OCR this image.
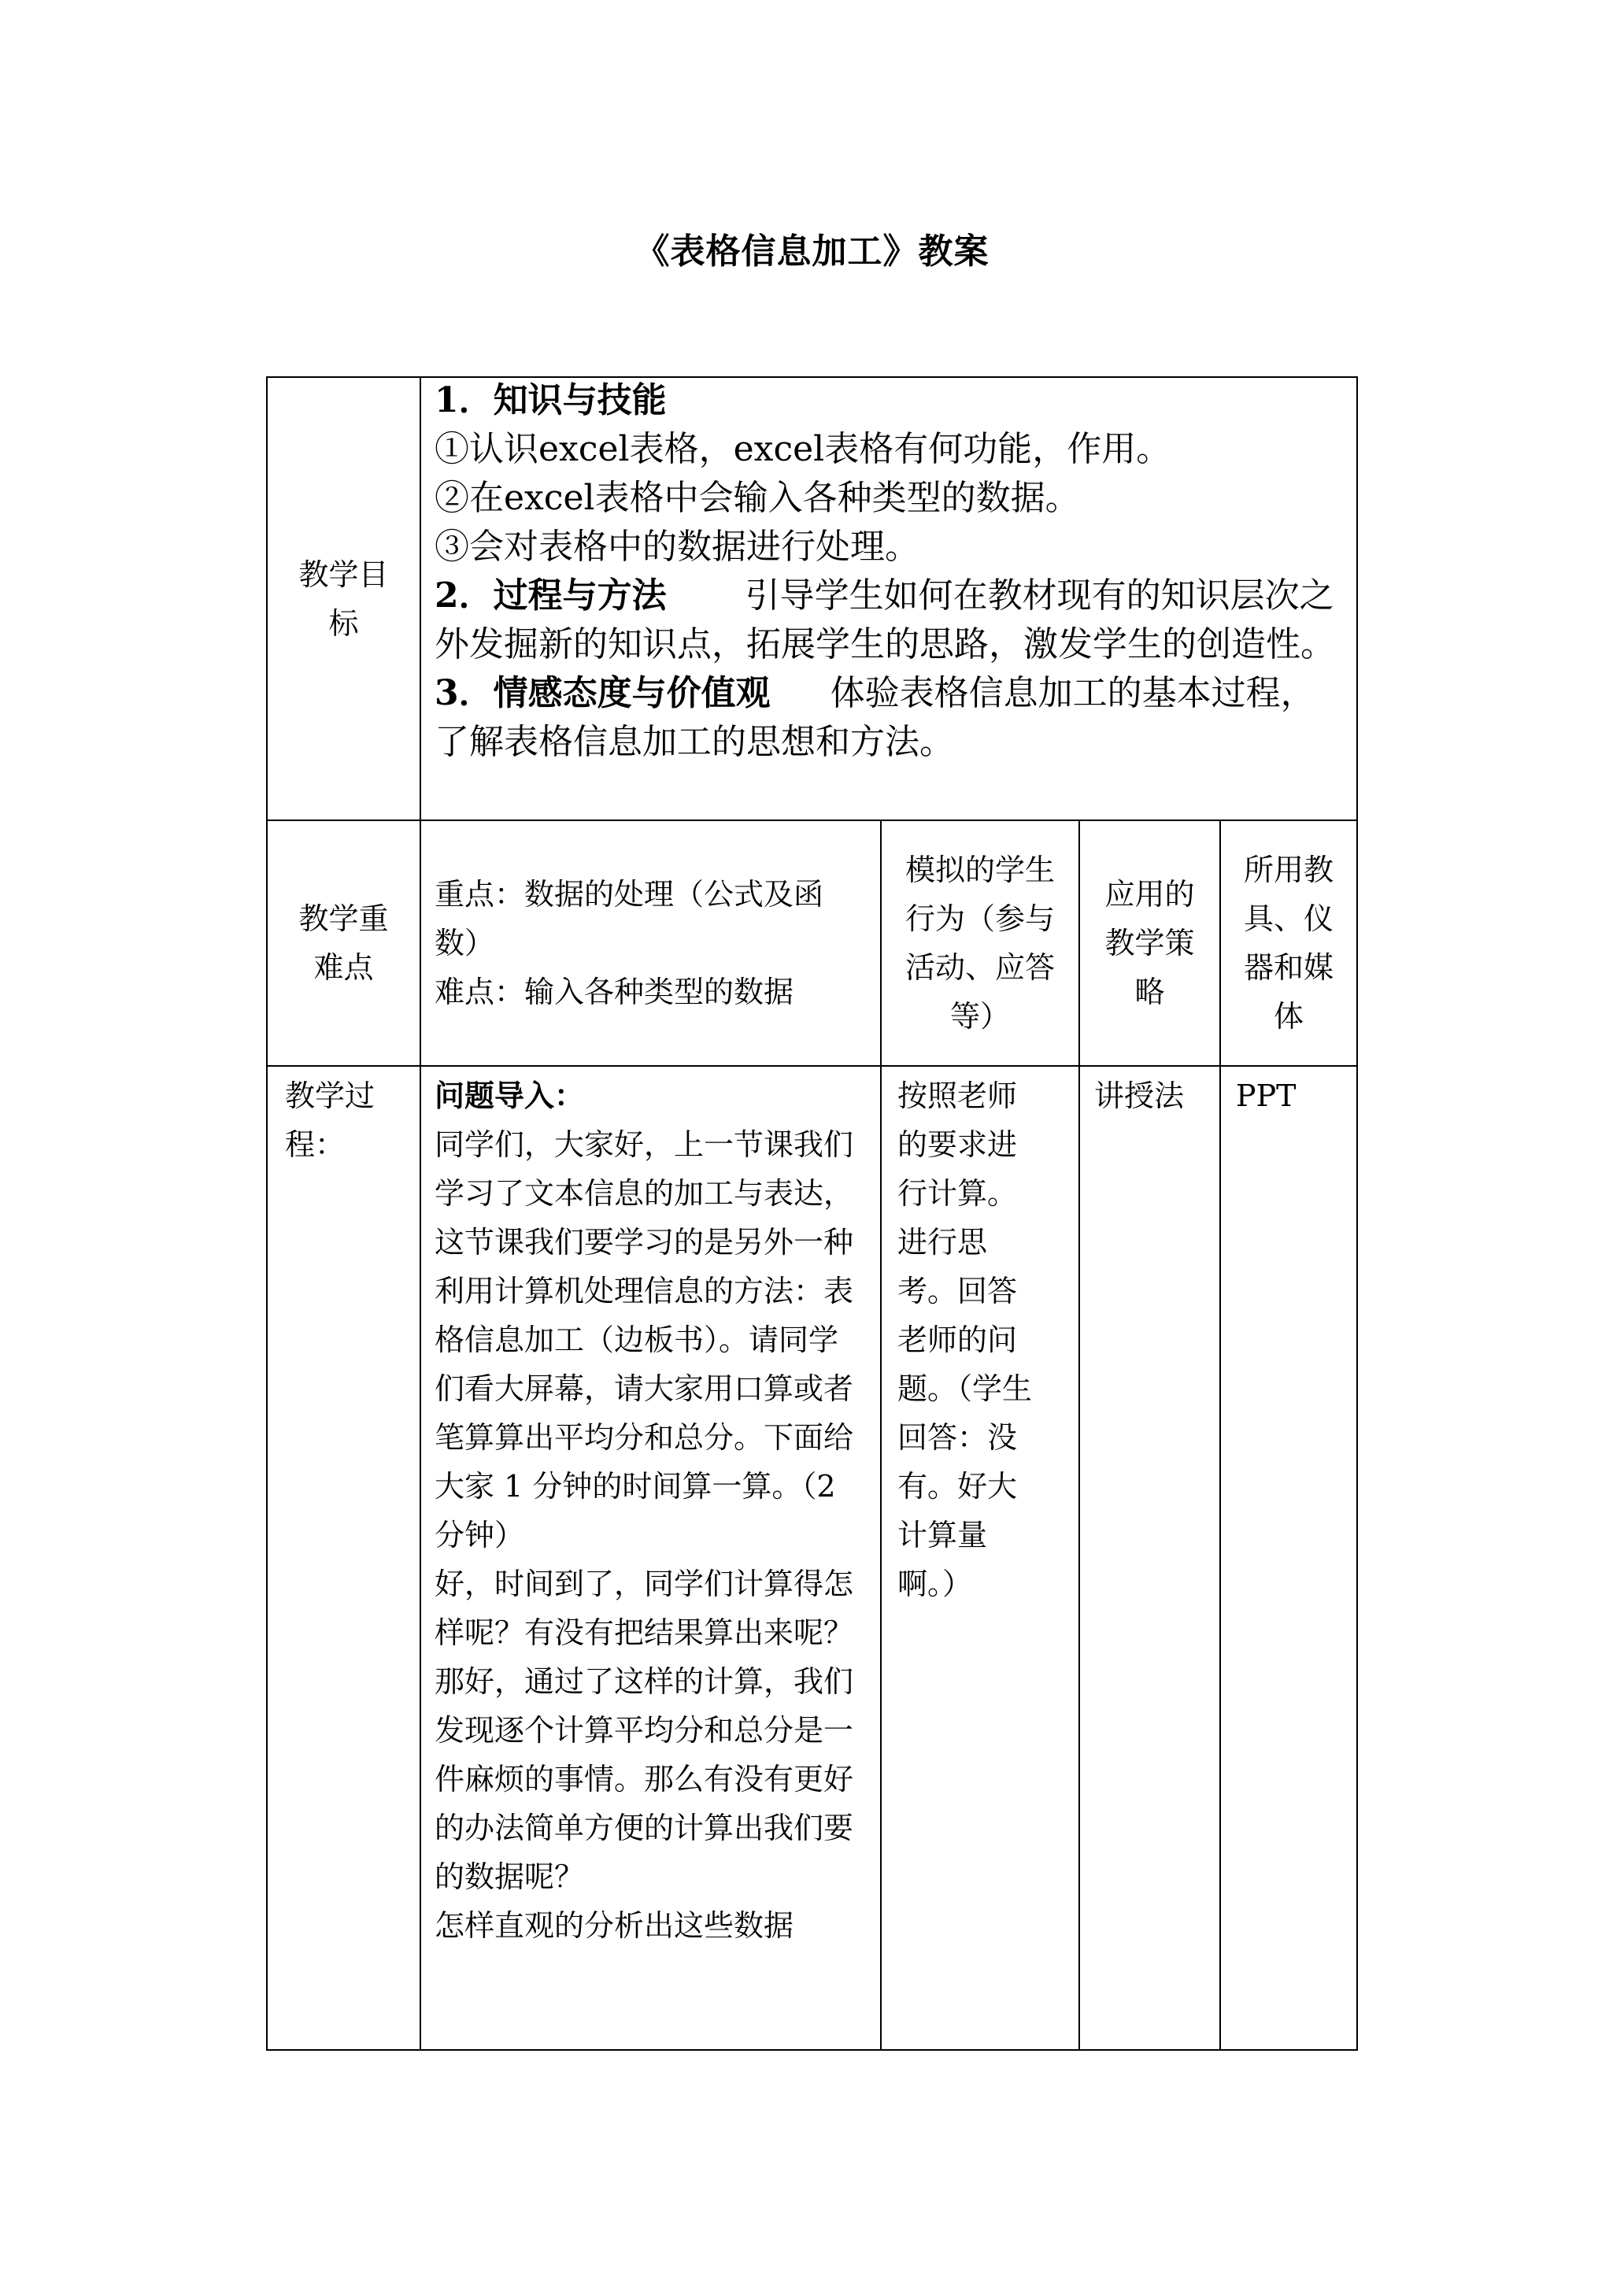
《表格信息加工》教案
教学目标
1．知识与技能
①认识excel表格，excel表格有何功能，作用。
②在excel表格中会输入各种类型的数据。
③会对表格中的数据进行处理。
2．过程与方法 引导学生如何在教材现有的知识层次之外发掘新的知识点，拓展学生的思路，激发学生的创造性。
3．情感态度与价值观 体验表格信息加工的基本过程，了解表格信息加工的思想和方法。
教学重难点
重点：数据的处理（公式及函数）
难点：输入各种类型的数据
模拟的学生行为（参与活动、应答等）
应用的教学策略
所用教具、仪器和媒体
教学过程：
问题导入：
同学们，大家好，上一节课我们学习了文本信息的加工与表达，这节课我们要学习的是另外一种利用计算机处理信息的方法：表格信息加工（边板书）。请同学们看大屏幕，请大家用口算或者笔算算出平均分和总分。下面给大家 1 分钟的时间算一算。（2 分钟）
好，时间到了，同学们计算得怎样呢？有没有把结果算出来呢？那好，通过了这样的计算，我们发现逐个计算平均分和总分是一件麻烦的事情。那么有没有更好的办法简单方便的计算出我们要的数据呢？
怎样直观的分析出这些数据
按照老师的要求进行计算。进行思考。回答老师的问题。（学生回答：没有。好大计算量啊。）
讲授法	PPT
